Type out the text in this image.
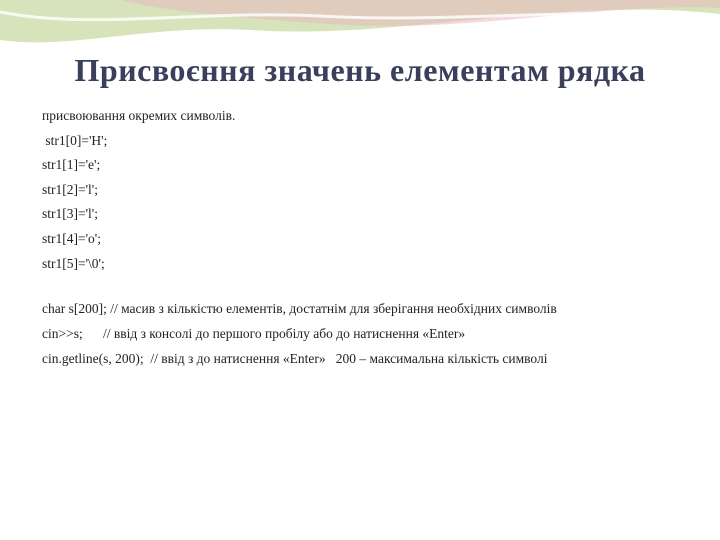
Присвоєння значень елементам рядка
присвоювання окремих символів.
str1[0]='H';
str1[1]='e';
str1[2]='l';
str1[3]='l';
str1[4]='o';
str1[5]='\0';
char s[200]; // масив з кількістю елементів, достатнім для зберігання необхідних символів
cin>>s;      // ввід з консолі до першого пробілу або до натиснення «Enter»
cin.getline(s, 200);  // ввід з до натиснення «Enter»   200 – максимальна кількість символі
